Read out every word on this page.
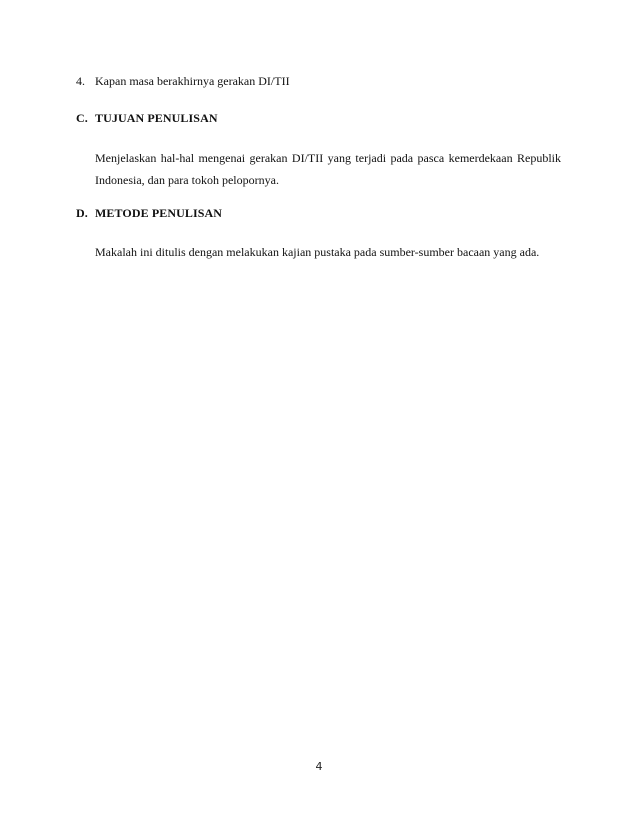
4. Kapan masa berakhirnya gerakan DI/TII
C. TUJUAN PENULISAN
Menjelaskan hal-hal mengenai gerakan DI/TII yang terjadi pada pasca kemerdekaan Republik Indonesia, dan para tokoh pelopornya.
D. METODE PENULISAN
Makalah ini ditulis dengan melakukan kajian pustaka pada sumber-sumber bacaan yang ada.
4
